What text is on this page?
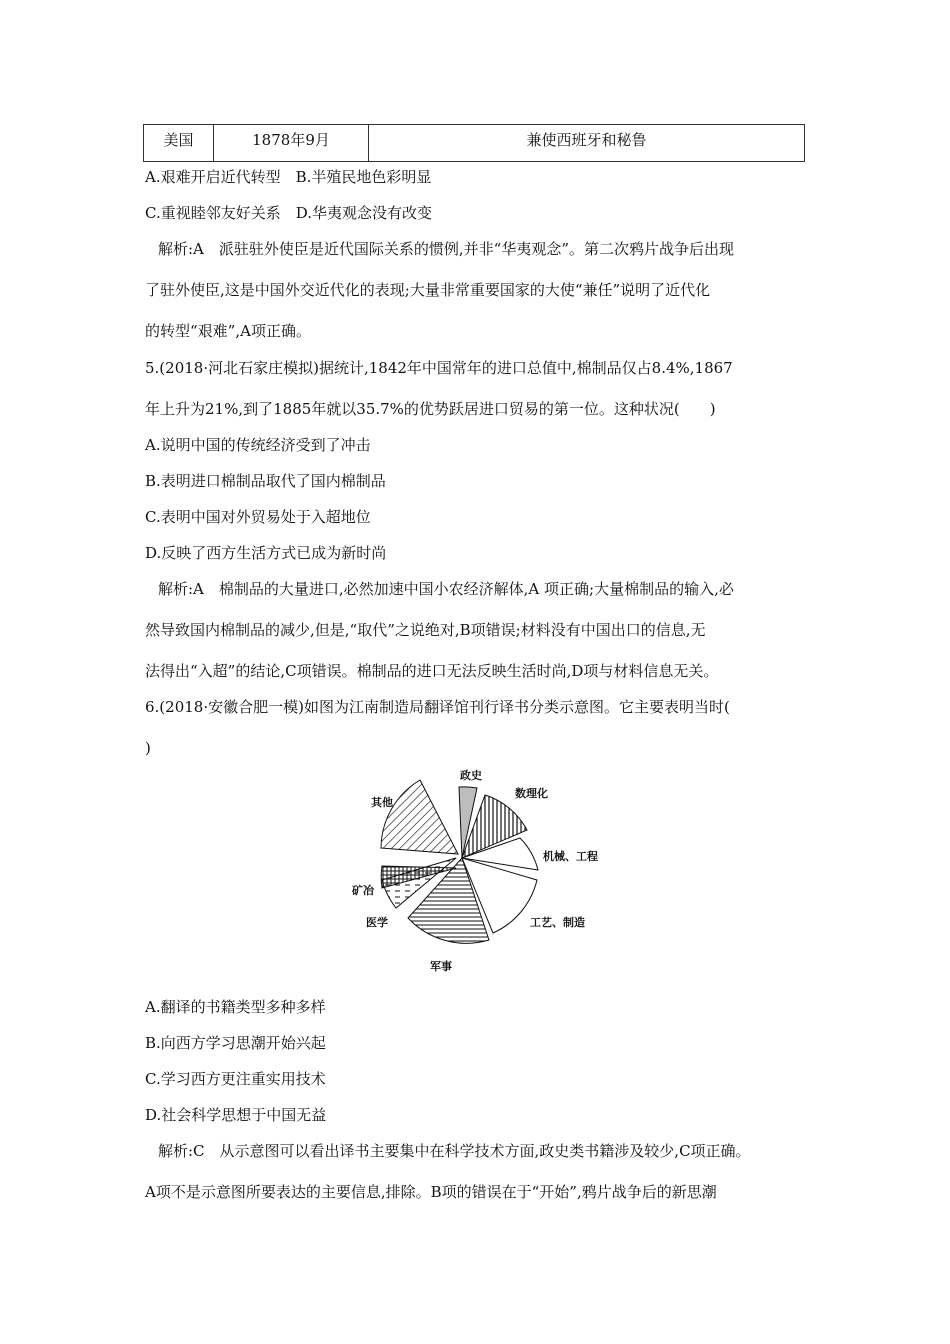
美国	1878年9月	兼使西班牙和秘鲁
A.艰难开启近代转型　B.半殖民地色彩明显
C.重视睦邻友好关系　D.华夷观念没有改变
解析:A　派驻驻外使臣是近代国际关系的惯例,并非“华夷观念”。第二次鸦片战争后出现
了驻外使臣,这是中国外交近代化的表现;大量非常重要国家的大使“兼任”说明了近代化
的转型“艰难”,A项正确。
5.(2018·河北石家庄模拟)据统计,1842年中国常年的进口总值中,棉制品仅占8.4%,1867
年上升为21%,到了1885年就以35.7%的优势跃居进口贸易的第一位。这种状况(　　)
A.说明中国的传统经济受到了冲击
B.表明进口棉制品取代了国内棉制品
C.表明中国对外贸易处于入超地位
D.反映了西方生活方式已成为新时尚
解析:A　棉制品的大量进口,必然加速中国小农经济解体,A 项正确;大量棉制品的输入,必
然导致国内棉制品的减少,但是,“取代”之说绝对,B项错误;材料没有中国出口的信息,无
法得出“入超”的结论,C项错误。棉制品的进口无法反映生活时尚,D项与材料信息无关。
6.(2018·安徽合肥一模)如图为江南制造局翻译馆刊行译书分类示意图。它主要表明当时(
)
政史
数理化
机械、工程
工艺、制造
军事
医学
矿冶
其他
A.翻译的书籍类型多种多样
B.向西方学习思潮开始兴起
C.学习西方更注重实用技术
D.社会科学思想于中国无益
解析:C　从示意图可以看出译书主要集中在科学技术方面,政史类书籍涉及较少,C项正确。
A项不是示意图所要表达的主要信息,排除。B项的错误在于“开始”,鸦片战争后的新思潮
